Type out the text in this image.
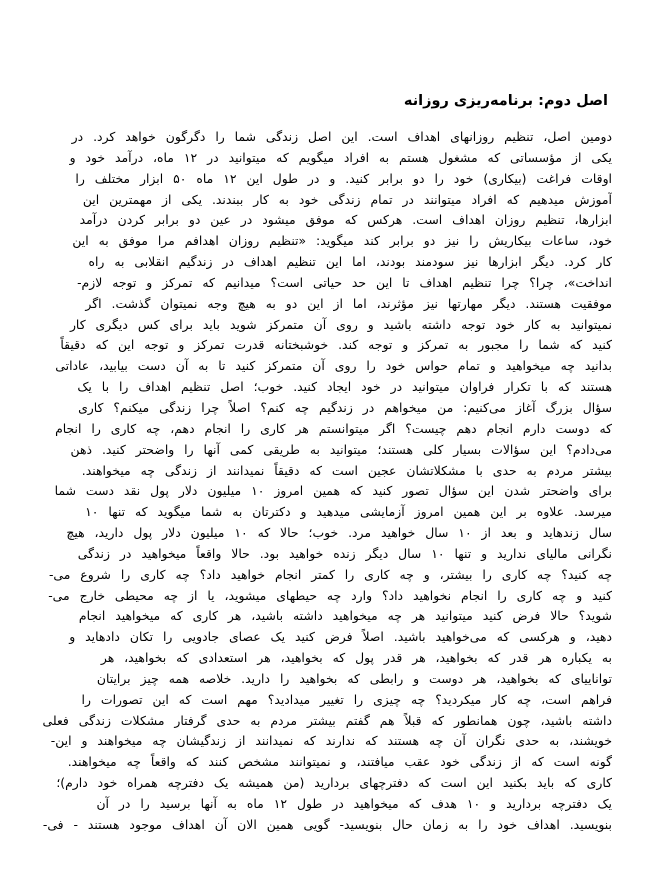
اصل دوم: برنامه‌ریزی روزانه
دومین اصل، تنظیم روزانهای اهداف است. این اصل زندگی شما را دگرگون خواهد کرد. در
یکی از مؤسساتی که مشغول هستم به افراد میگویم که میتوانید در ۱۲ ماه، درآمد خود و
اوقات فراغت (بیکاری) خود را دو برابر کنید. و در طول این ۱۲ ماه ۵۰ ابزار مختلف را
آموزش میدهیم که افراد میتوانند در تمام زندگی خود به کار ببندند. یکی از مهمترین این
ابزارها، تنظیم روزان اهداف است. هرکس که موفق میشود در عین دو برابر کردن درآمد
خود، ساعات بیکاریش را نیز دو برابر کند میگوید: «تنظیم روزان اهدافم مرا موفق به این
کار کرد. دیگر ابزارها نیز سودمند بودند، اما این تنظیم اهداف در زندگیم انقلابی به راه
انداخت»، چرا؟ چرا تنظیم اهداف تا این حد حیاتی است؟ میدانیم که تمرکز و توجه لازم-
موفقیت هستند. دیگر مهارتها نیز مؤثرند، اما از این دو به هیچ وجه نمیتوان گذشت. اگر
نمیتوانید به کار خود توجه داشته باشید و روی آن متمرکز شوید باید برای کس دیگری کار
کنید که شما را مجبور به تمرکز و توجه کند. خوشبختانه قدرت تمرکز و توجه این که دقیقاً
بدانید چه میخواهید و تمام حواس خود را روی آن متمرکز کنید تا به آن دست بیابید، عاداتی
هستند که با تکرار فراوان میتوانید در خود ایجاد کنید. خوب؛ اصل تنظیم اهداف را با یک
سؤال بزرگ آغاز می‌کنیم: من میخواهم در زندگیم چه کنم؟ اصلاً چرا زندگی میکنم؟ کاری
که دوست دارم انجام دهم چیست؟ اگر میتوانستم هر کاری را انجام دهم، چه کاری را انجام
می‌دادم؟ این سؤالات بسیار کلی هستند؛ میتوانید به طریقی کمی آنها را واضحتر کنید. ذهن
بیشتر مردم به حدی با مشکلاتشان عجین است که دقیقاً نمیدانند از زندگی چه میخواهند.
برای واضحتر شدن این سؤال تصور کنید که همین امروز ۱۰ میلیون دلار پول نقد دست شما
میرسد. علاوه بر این همین امروز آزمایشی میدهید و دکترتان به شما میگوید که تنها ۱۰
سال زندهاید و بعد از ۱۰ سال خواهید مرد. خوب؛ حالا که ۱۰ میلیون دلار پول دارید، هیچ
نگرانی مالیای ندارید و تنها ۱۰ سال دیگر زنده خواهید بود. حالا واقعاً میخواهید در زندگی
چه کنید؟ چه کاری را بیشتر، و چه کاری را کمتر انجام خواهید داد؟ چه کاری را شروع می-
کنید و چه کاری را انجام نخواهید داد؟ وارد چه حیطهای میشوید، یا از چه محیطی خارج می-
شوید؟ حالا فرض کنید میتوانید هر چه میخواهید داشته باشید، هر کاری که میخواهید انجام
دهید، و هرکسی که می‌خواهید باشید. اصلاً فرض کنید یک عصای جادویی را تکان دادهاید و
به یکباره هر قدر که بخواهید، هر قدر پول که بخواهید، هر استعدادی که بخواهید، هر
تواناییای که بخواهید، هر دوست و رابطی که بخواهید را دارید. خلاصه همه چیز برایتان
فراهم است، چه کار میکردید؟ چه چیزی را تغییر میدادید؟ مهم است که این تصورات را
داشته باشید، چون همانطور که قبلاً هم گفتم بیشتر مردم به حدی گرفتار مشکلات زندگی فعلی
خویشند، به حدی نگران آن چه هستند که ندارند که نمیدانند از زندگیشان چه میخواهند و این-
گونه است که از زندگی خود عقب میافتند، و نمیتوانند مشخص کنند که واقعاً چه میخواهند.
کاری که باید بکنید این است که دفترچهای بردارید (من همیشه یک دفترچه همراه خود دارم)؛
یک دفترچه بردارید و ۱۰ هدف که میخواهید در طول ۱۲ ماه به آنها برسید را در آن
بنویسید. اهداف خود را به زمان حال بنویسید- گویی همین الان آن اهداف موجود هستند - فی-
